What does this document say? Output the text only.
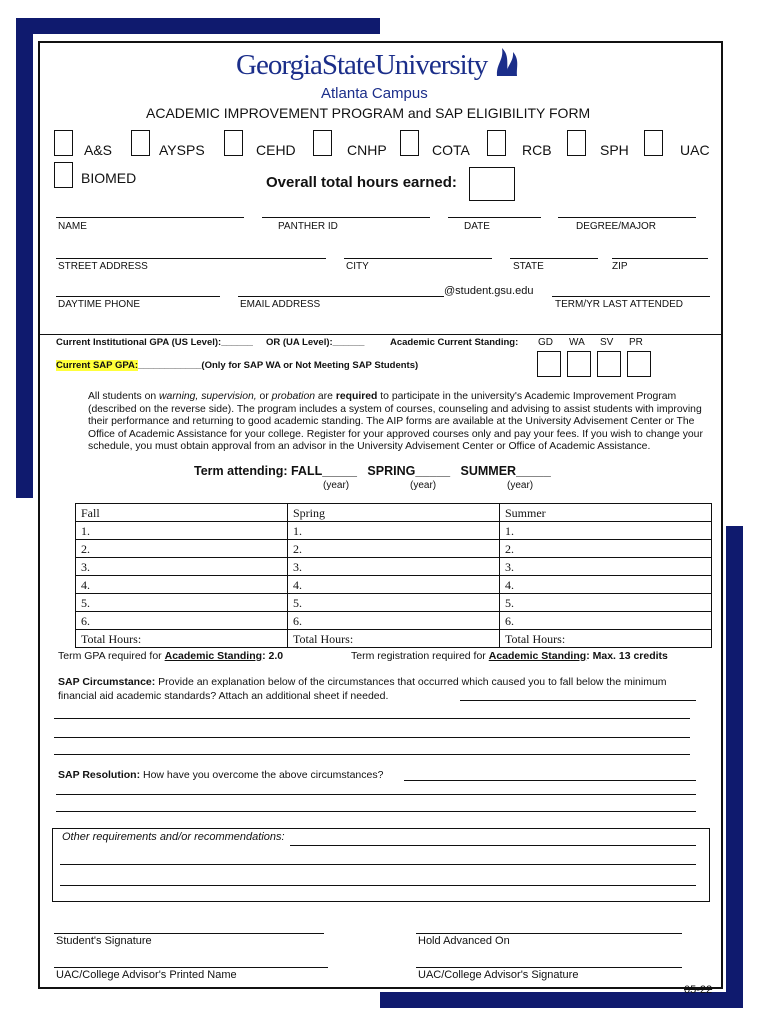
GeorgiaStateUniversity
Atlanta Campus
ACADEMIC IMPROVEMENT PROGRAM and SAP ELIGIBILITY FORM
A&S	AYSPS	CEHD	CNHP	COTA	RCB	SPH	UAC
BIOMED	Overall total hours earned:
NAME	PANTHER ID	DATE	DEGREE/MAJOR
STREET ADDRESS	CITY	STATE	ZIP
@student.gsu.edu
DAYTIME PHONE	EMAIL ADDRESS	TERM/YR LAST ATTENDED
Current Institutional GPA (US Level):______ OR (UA Level):______	Academic Current Standing: GD WA SV PR
Current SAP GPA:____________(Only for SAP WA or Not Meeting SAP Students)
All students on warning, supervision, or probation are required to participate in the university's Academic Improvement Program (described on the reverse side). The program includes a system of courses, counseling and advising to assist students with improving their performance and returning to good academic standing. The AIP forms are available at the University Advisement Center or The Office of Academic Assistance for your college. Register for your approved courses only and pay your fees. If you wish to change your schedule, you must obtain approval from an advisor in the University Advisement Center or Office of Academic Assistance.
Term attending: FALL_____   SPRING_____   SUMMER_____
(year)	(year)	(year)
Fall	Spring	Summer
1.	1.	1.
2.	2.	2.
3.	3.	3.
4.	4.	4.
5.	5.	5.
6.	6.	6.
Total Hours:	Total Hours:	Total Hours:
Term GPA required for Academic Standing: 2.0	Term registration required for Academic Standing: Max. 13 credits
SAP Circumstance: Provide an explanation below of the circumstances that occurred which caused you to fall below the minimum financial aid academic standards? Attach an additional sheet if needed.
SAP Resolution: How have you overcome the above circumstances?
Other requirements and/or recommendations:
Student's Signature	Hold Advanced On
UAC/College Advisor's Printed Name	UAC/College Advisor's Signature
05-22
